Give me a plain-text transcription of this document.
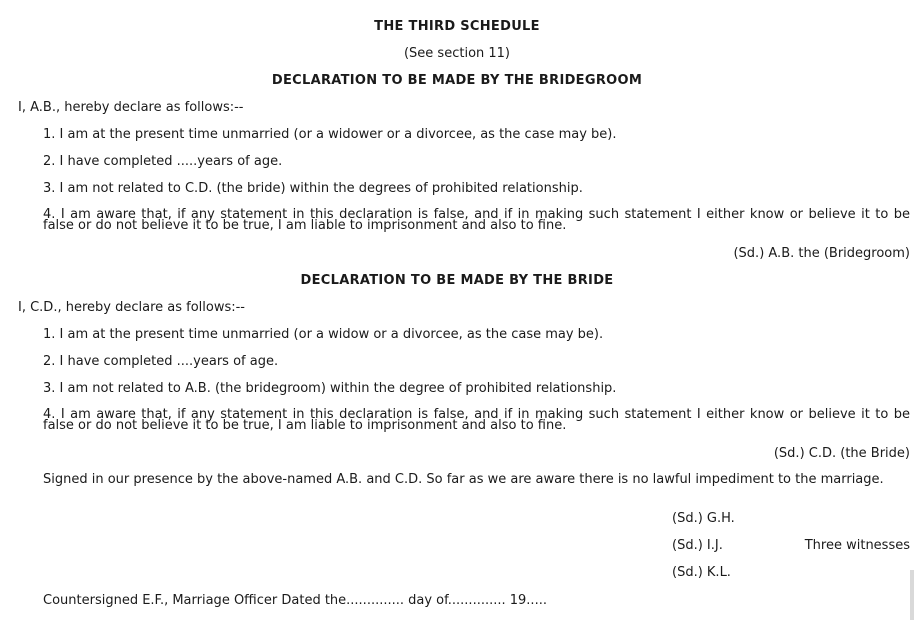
THE THIRD SCHEDULE
(See section 11)
DECLARATION TO BE MADE BY THE BRIDEGROOM
I, A.B., hereby declare as follows:--
1. I am at the present time unmarried (or a widower or a divorcee, as the case may be).
2. I have completed .....years of age.
3. I am not related to C.D. (the bride) within the degrees of prohibited relationship.
4. I am aware that, if any statement in this declaration is false, and if in making such statement I either know or believe it to be false or do not believe it to be true, I am liable to imprisonment and also to fine.
(Sd.) A.B. the (Bridegroom)
DECLARATION TO BE MADE BY THE BRIDE
I, C.D., hereby declare as follows:--
1. I am at the present time unmarried (or a widow or a divorcee, as the case may be).
2. I have completed ....years of age.
3. I am not related to A.B. (the bridegroom) within the degree of prohibited relationship.
4. I am aware that, if any statement in this declaration is false, and if in making such statement I either know or believe it to be false or do not believe it to be true, I am liable to imprisonment and also to fine.
(Sd.) C.D. (the Bride)
Signed in our presence by the above-named A.B. and C.D. So far as we are aware there is no lawful impediment to the marriage.
(Sd.) G.H.
(Sd.) I.J.	Three witnesses
(Sd.) K.L.
Countersigned E.F., Marriage Officer Dated the.............. day of.............. 19.....
